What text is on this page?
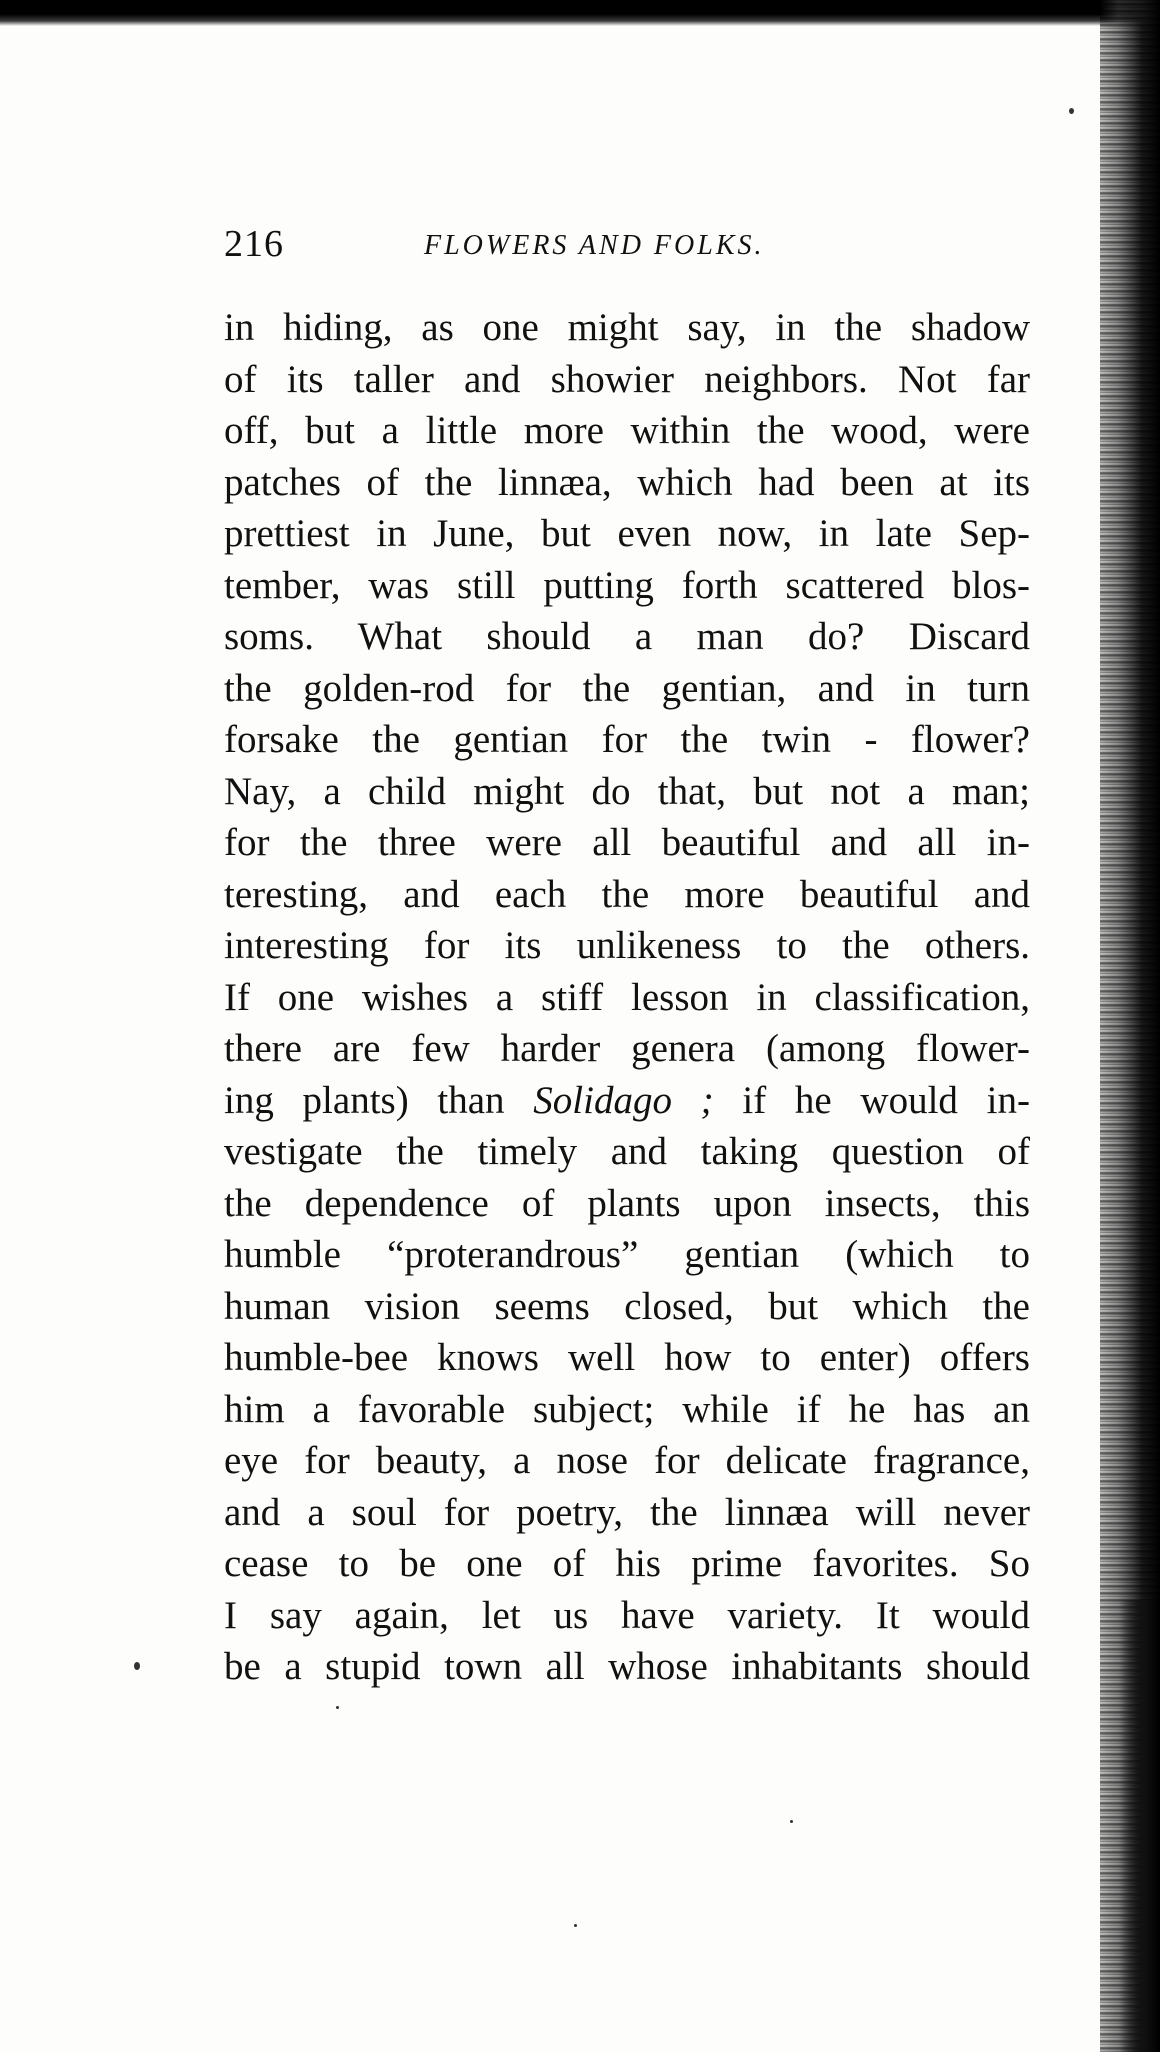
216	FLOWERS AND FOLKS.
in hiding, as one might say, in the shadow
of its taller and showier neighbors. Not far
off, but a little more within the wood, were
patches of the linnæa, which had been at its
prettiest in June, but even now, in late Sep-
tember, was still putting forth scattered blos-
soms. What should a man do? Discard
the golden-rod for the gentian, and in turn
forsake the gentian for the twin - flower?
Nay, a child might do that, but not a man;
for the three were all beautiful and all in-
teresting, and each the more beautiful and
interesting for its unlikeness to the others.
If one wishes a stiff lesson in classification,
there are few harder genera (among flower-
ing plants) than Solidago ; if he would in-
vestigate the timely and taking question of
the dependence of plants upon insects, this
humble “proterandrous” gentian (which to
human vision seems closed, but which the
humble-bee knows well how to enter) offers
him a favorable subject; while if he has an
eye for beauty, a nose for delicate fragrance,
and a soul for poetry, the linnæa will never
cease to be one of his prime favorites. So
I say again, let us have variety. It would
be a stupid town all whose inhabitants should
